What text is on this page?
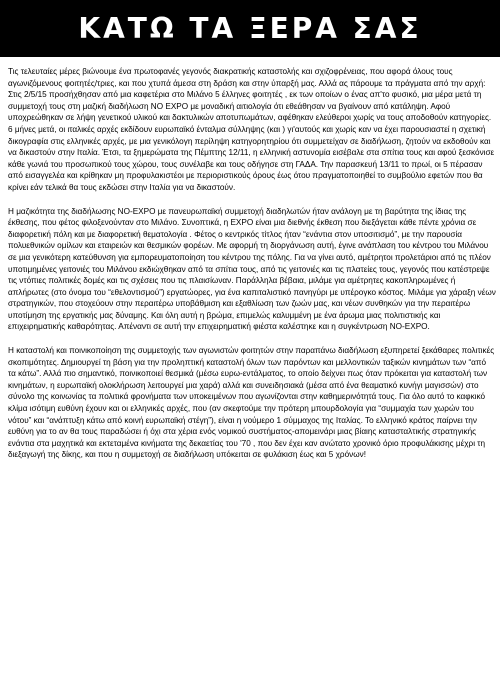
ΚΑΤΩ ΤΑ ΞΕΡΑ ΣΑΣ

Τις τελευταίες μέρες βιώνουμε ένα πρωτοφανές γεγονός διακρατικής καταστολής και σχιζοφρένειας, που αφορά όλους τους αγωνιζόμενους φοιτητές/τριες, και που χτυπά άμεσα στη δράση και στην ύπαρξή μας. Αλλά ας πάρουμε τα πράγματα από την αρχή: Στις 2/5/15 προσήχθησαν από μια καφετέρια στο Μιλάνο 5 έλληνες φοιτητές , εκ των οποίων ο ένας απ'το φυσικό, μια μέρα μετά τη συμμετοχή τους στη μαζική διαδήλωση NO EXPO με μοναδική αιτιολογία ότι εθεάθησαν να βγαίνουν από κατάληψη. Αφού υποχρεώθηκαν σε λήψη γενετικού υλικού και δακτυλικών αποτυπωμάτων, αφέθηκαν ελεύθεροι χωρίς να τους αποδοθούν κατηγορίες. 6 μήνες μετά, οι ιταλικές αρχές εκδίδουν ευρωπαϊκό ένταλμα σύλληψης (και ) γι'αυτούς και χωρίς καν να έχει παρουσιαστεί η σχετική δικογραφία στις ελληνικές αρχές, με μια γενικόλογη περίληψη κατηγορητηρίου ότι συμμετείχαν σε διαδήλωση, ζητούν να εκδοθούν και να δικαστούν στην Ιταλία. Έτσι, τα ξημερώματα της Πέμπτης 12/11, η ελληνική αστυνομία εισέβαλε στα σπίτια τους και αφού ξεσκόνισε κάθε γωνιά του προσωπικού τους χώρου, τους συνέλαβε και τους οδήγησε στη ΓΑΔΑ. Την παρασκευή 13/11 το πρωί, οι 5 πέρασαν από εισαγγελέα και κρίθηκαν μη προφυλακιστέοι με περιοριστικούς όρους έως ότου πραγματοποιηθεί το συμβούλιο εφετών που θα κρίνει εάν τελικά θα τους εκδώσει στην Ιταλία για να δικαστούν.

Η μαζικότητα της διαδήλωσης NO-EXPO με πανευρωπαϊκή συμμετοχή διαδηλωτών ήταν ανάλογη με τη βαρύτητα της ίδιας της έκθεσης, που φέτος φιλοξενούνταν στο Μιλάνο. Συνοπτικά, η EXPO είναι μια διεθνής έκθεση που διεξάγεται κάθε πέντε χρόνια σε διαφορετική πόλη και με διαφορετική θεματολογία . Φέτος ο κεντρικός τίτλος ήταν “ενάντια στον υποσιτισμό”, με την παρουσία πολυεθνικών ομίλων και εταιρειών και θεσμικών φορέων. Με αφορμή τη διοργάνωση αυτή, έγινε ανάπλαση του κέντρου του Μιλάνου σε μια γενικότερη κατεύθυνση για εμπορευματοποίηση του κέντρου της πόλης. Για να γίνει αυτό, αμέτρητοι προλετάριοι από τις πλέον υποτιμημένες γειτονιές του Μιλάνου εκδιώχθηκαν από τα σπίτια τους, από τις γειτονιές και τις πλατείες τους, γεγονός που κατέστρεψε τις ντόπιες πολιτικές δομές και τις σχέσεις που τις πλαισίωναν. Παράλληλα βέβαια, μιλάμε για αμέτρητες κακοπληρωμένες ή απλήρωτες (στο όνομα του “εθελοντισμού”) εργατώορες, για ένα καπιταλιστικό πανηγύρι με υπέρογκο κόστος. Μιλάμε για χάραξη νέων στρατηγικών, που στοχεύουν στην περαιτέρω υποβάθμιση και εξαθλίωση των ζωών μας, και νέων συνθηκών για την περαιτέρω υποτίμηση της εργατικής μας δύναμης. Και όλη αυτή η βρώμα, επιμελώς καλυμμένη με ένα άρωμα μιας πολιτιστικής και επιχειρηματικής καθαρότητας. Απέναντι σε αυτή την επιχειρηματική φιέστα καλέστηκε και η συγκέντρωση NO-EXPO.

Η καταστολή και ποινικοποίηση της συμμετοχής των αγωνιστών φοιτητών στην παραπάνω διαδήλωση εξυπηρετεί ξεκάθαρες πολιτικές σκοπιμότητες. Δημιουργεί τη βάση για την προληπτική καταστολή όλων των παρόντων και μελλοντικών ταξικών κινημάτων των “από τα κάτω”. Αλλά πιο σημαντικό, ποινικοποιεί θεσμικά (μέσω ευρω-εντάλματος, το οποίο δείχνει πως όταν πρόκειται για καταστολή των κινημάτων, η ευρωπαϊκή ολοκλήρωση λειτουργεί μια χαρά) αλλά και συνειδησιακά (μέσα από ένα θεαματικό κυνήγι μαγισσών) στο σύνολο της κοινωνίας τα πολιτικά φρονήματα των υποκειμένων που αγωνίζονται στην καθημερινότητά τους. Για όλο αυτό το καφκικό κλίμα ισότιμη ευθύνη έχουν και οι ελληνικές αρχές, που (αν σκεφτούμε την πρότερη μπουρδολογία για “συμμαχία των χωρών του νότου” και “ανάπτυξη κάτω από κοινή ευρωπαϊκή στέγη”), είναι η νούμερο 1 σύμμαχος της Ιταλίας. Το ελληνικό κράτος παίρνει την ευθύνη για το αν θα τους παραδώσει ή όχι στα χέρια ενός νομικού συστήματος-απομεινάρι μιας βίαιης κατασταλτικής στρατηγικής ενάντια στα μαχητικά και εκτεταμένα κινήματα της δεκαετίας του '70 , που δεν έχει καν ανώτατο χρονικό όριο προφυλάκισης μέχρι τη διεξαγωγή της δίκης, και που η συμμετοχή σε διαδήλωση υπόκειται σε φυλάκιση έως και 5 χρόνων!
